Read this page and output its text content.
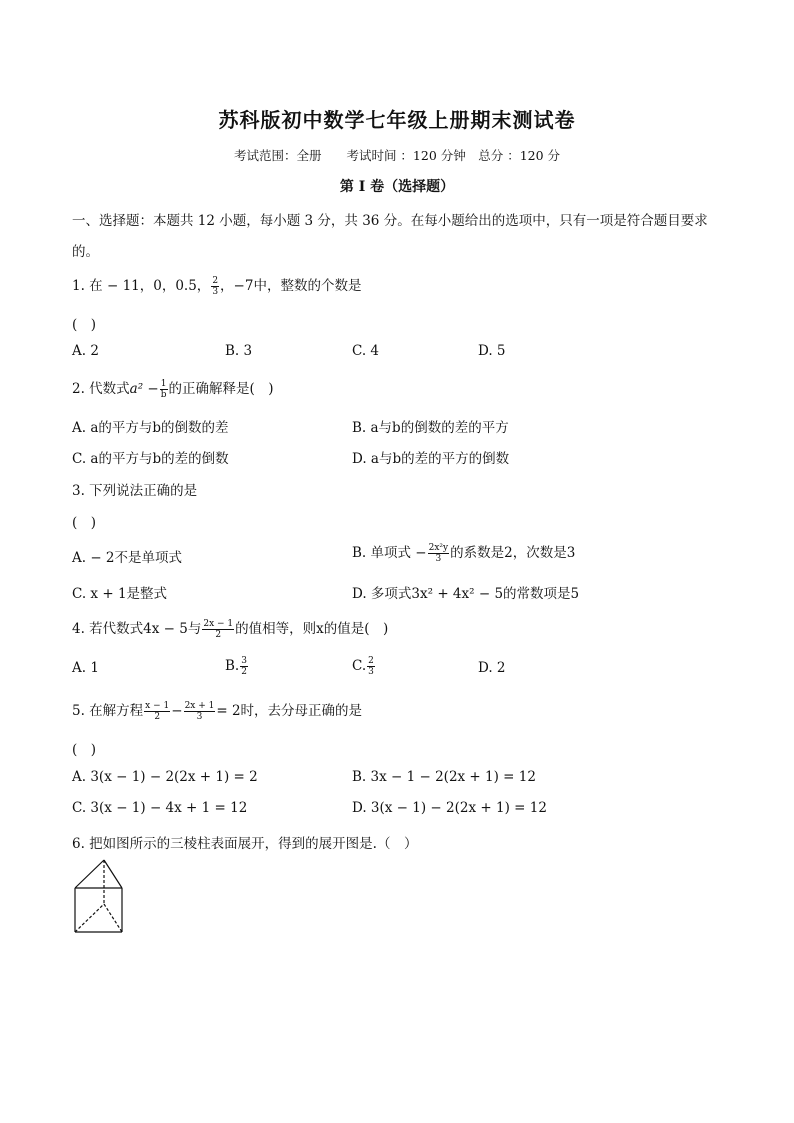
苏科版初中数学七年级上册期末测试卷
考试范围：全册　　考试时间 ：120 分钟　总分 ：120 分
第 I 卷（选择题）
一、选择题：本题共 12 小题，每小题 3 分，共 36 分。在每小题给出的选项中，只有一项是符合题目要求的。
1. 在 − 11，0，0.5， $\frac{2}{3}$ ，−7中，整数的个数是
(　)
A. 2	B. 3	C. 4	D. 5
2. 代数式$a^2 - \frac{1}{b}$ 的正确解释是(　)
A. a的平方与b的倒数的差	B. a与b的倒数的差的平方
C. a的平方与b的差的倒数	D. a与b的差的平方的倒数
3. 下列说法正确的是
(　)
A. − 2不是单项式	B. 单项式 − $\frac{\text{2x²y}}{3}$ 的系数是2，次数是3
C. x + 1是整式	D. 多项式3x² + 4x² − 5的常数项是5
4. 若代数式4x − 5与 $\frac{2x - 1}{2}$ 的值相等，则x的值是(　)
A. 1	B. $\frac{3}{2}$	C. $\frac{2}{3}$	D. 2
5. 在解方程 $\frac{x - 1}{2} - \frac{2x + 1}{3} = 2$时，去分母正确的是
(　)
A. 3(x − 1) − 2(2x + 1) = 2	B. 3x − 1 − 2(2x + 1) = 12
C. 3(x − 1) − 4x + 1 = 12	D. 3(x − 1) − 2(2x + 1) = 12
6. 把如图所示的三棱柱表面展开，得到的展开图是.（　）
